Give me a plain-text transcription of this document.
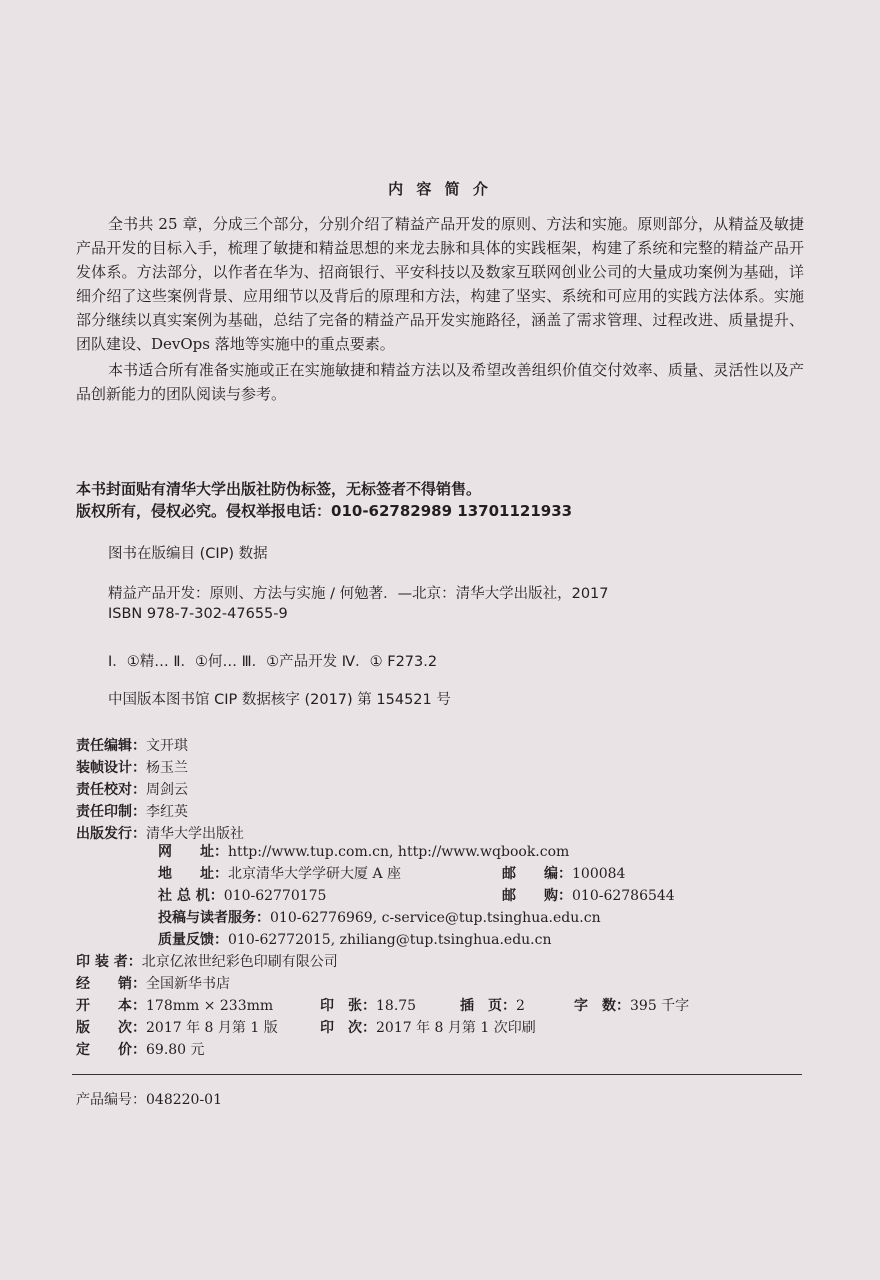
内 容 简 介
全书共 25 章，分成三个部分，分别介绍了精益产品开发的原则、方法和实施。原则部分，从精益及敏捷产品开发的目标入手，梳理了敏捷和精益思想的来龙去脉和具体的实践框架，构建了系统和完整的精益产品开发体系。方法部分，以作者在华为、招商银行、平安科技以及数家互联网创业公司的大量成功案例为基础，详细介绍了这些案例背景、应用细节以及背后的原理和方法，构建了坚实、系统和可应用的实践方法体系。实施部分继续以真实案例为基础，总结了完备的精益产品开发实施路径，涵盖了需求管理、过程改进、质量提升、团队建设、DevOps 落地等实施中的重点要素。
本书适合所有准备实施或正在实施敏捷和精益方法以及希望改善组织价值交付效率、质量、灵活性以及产品创新能力的团队阅读与参考。
本书封面贴有清华大学出版社防伪标签，无标签者不得销售。
版权所有，侵权必究。侵权举报电话：010-62782989 13701121933
图书在版编目 (CIP) 数据
精益产品开发：原则、方法与实施 / 何勉著．—北京：清华大学出版社，2017
ISBN 978-7-302-47655-9
Ⅰ．①精… Ⅱ．①何… Ⅲ．①产品开发 Ⅳ．① F273.2
中国版本图书馆 CIP 数据核字 (2017) 第 154521 号
责任编辑：文开琪
装帧设计：杨玉兰
责任校对：周剑云
责任印制：李红英
出版发行：清华大学出版社
网　　址：http://www.tup.com.cn, http://www.wqbook.com
地　　址：北京清华大学学研大厦 A 座	邮　　编：100084
社 总 机：010-62770175	邮　　购：010-62786544
投稿与读者服务：010-62776969, c-service@tup.tsinghua.edu.cn
质量反馈：010-62772015, zhiliang@tup.tsinghua.edu.cn
印 装 者：北京亿浓世纪彩色印刷有限公司
经　　销：全国新华书店
开　　本：178mm × 233mm	印　张：18.75	插　页：2	字　数：395 千字
版　　次：2017 年 8 月第 1 版	印　次：2017 年 8 月第 1 次印刷
定　　价：69.80 元
产品编号：048220-01
